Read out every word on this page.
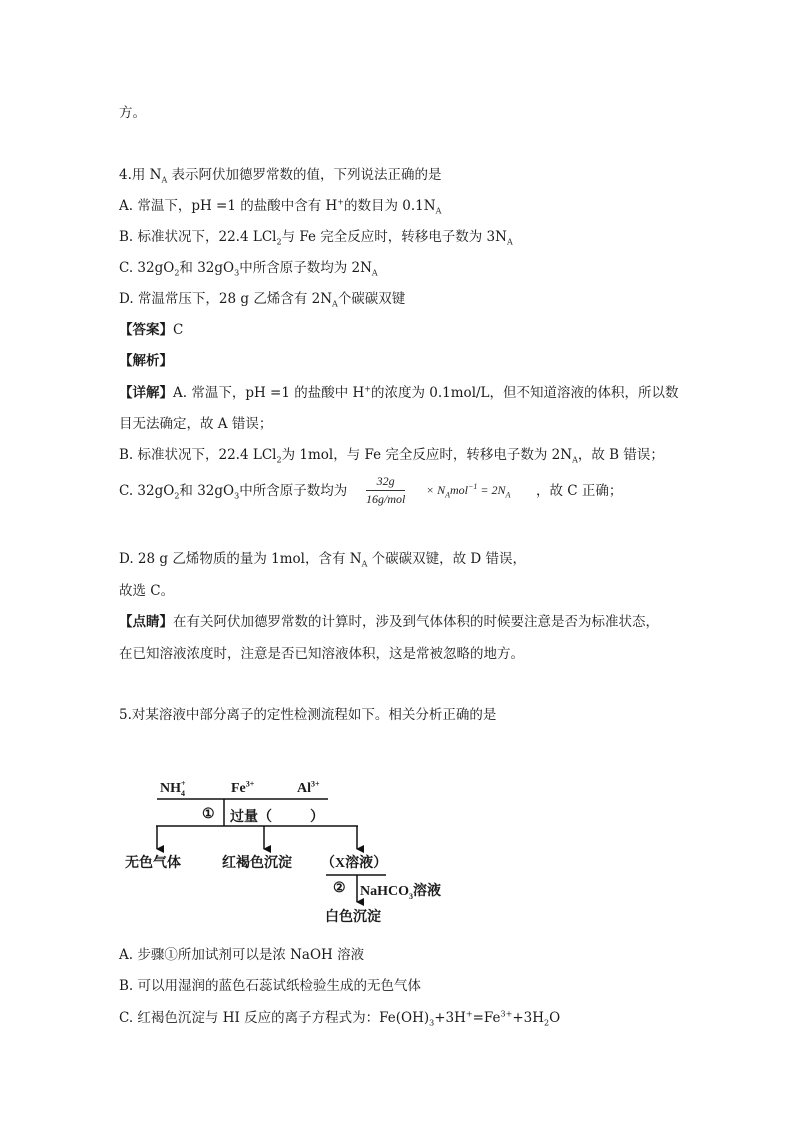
方。
4.用 $N_A$ 表示阿伏加德罗常数的值，下列说法正确的是
A. 常温下，pH =1 的盐酸中含有 H+的数目为 $0.1N_A$
B. 标准状况下，22.4 LCl$_2$与 Fe 完全反应时，转移电子数为 $3N_A$
C. $32gO_2$和 $32gO_3$中所含原子数均为 $2N_A$
D. 常温常压下，28 g 乙烯含有 $2N_A$个碳碳双键
【答案】C
【解析】
【详解】A. 常温下，pH =1 的盐酸中 H+的浓度为 0.1mol/L，但不知道溶液的体积，所以数
目无法确定，故 A 错误；
B. 标准状况下，22.4 LCl$_2$为 1mol，与 Fe 完全反应时，转移电子数为 $2N_A$，故 B 错误；
C. $32gO_2$和 $32gO_3$中所含原子数均为
32g
16g/mol
× $N_Amol^{-1} = 2N_A$ ，故 C 正确；
D. 28 g 乙烯物质的量为 1mol，含有 $N_A$ 个碳碳双键，故 D 错误，
故选 C。
【点睛】在有关阿伏加德罗常数的计算时，涉及到气体体积的时候要注意是否为标准状态，
在已知溶液浓度时，注意是否已知溶液体积，这是常被忽略的地方。
5.对某溶液中部分离子的定性检测流程如下。相关分析正确的是
$NH_4^+$	$Fe^{3+}$	$Al^{3+}$
① 过量（	）
无色气体	红褐色沉淀 （X溶液）
② NaHCO$_3$溶液
白色沉淀
A. 步骤①所加试剂可以是浓 NaOH 溶液
B. 可以用湿润的蓝色石蕊试纸检验生成的无色气体
C. 红褐色沉淀与 HI 反应的离子方程式为：$Fe(OH)_3+3H^+=Fe^{3+}+3H_2O$
